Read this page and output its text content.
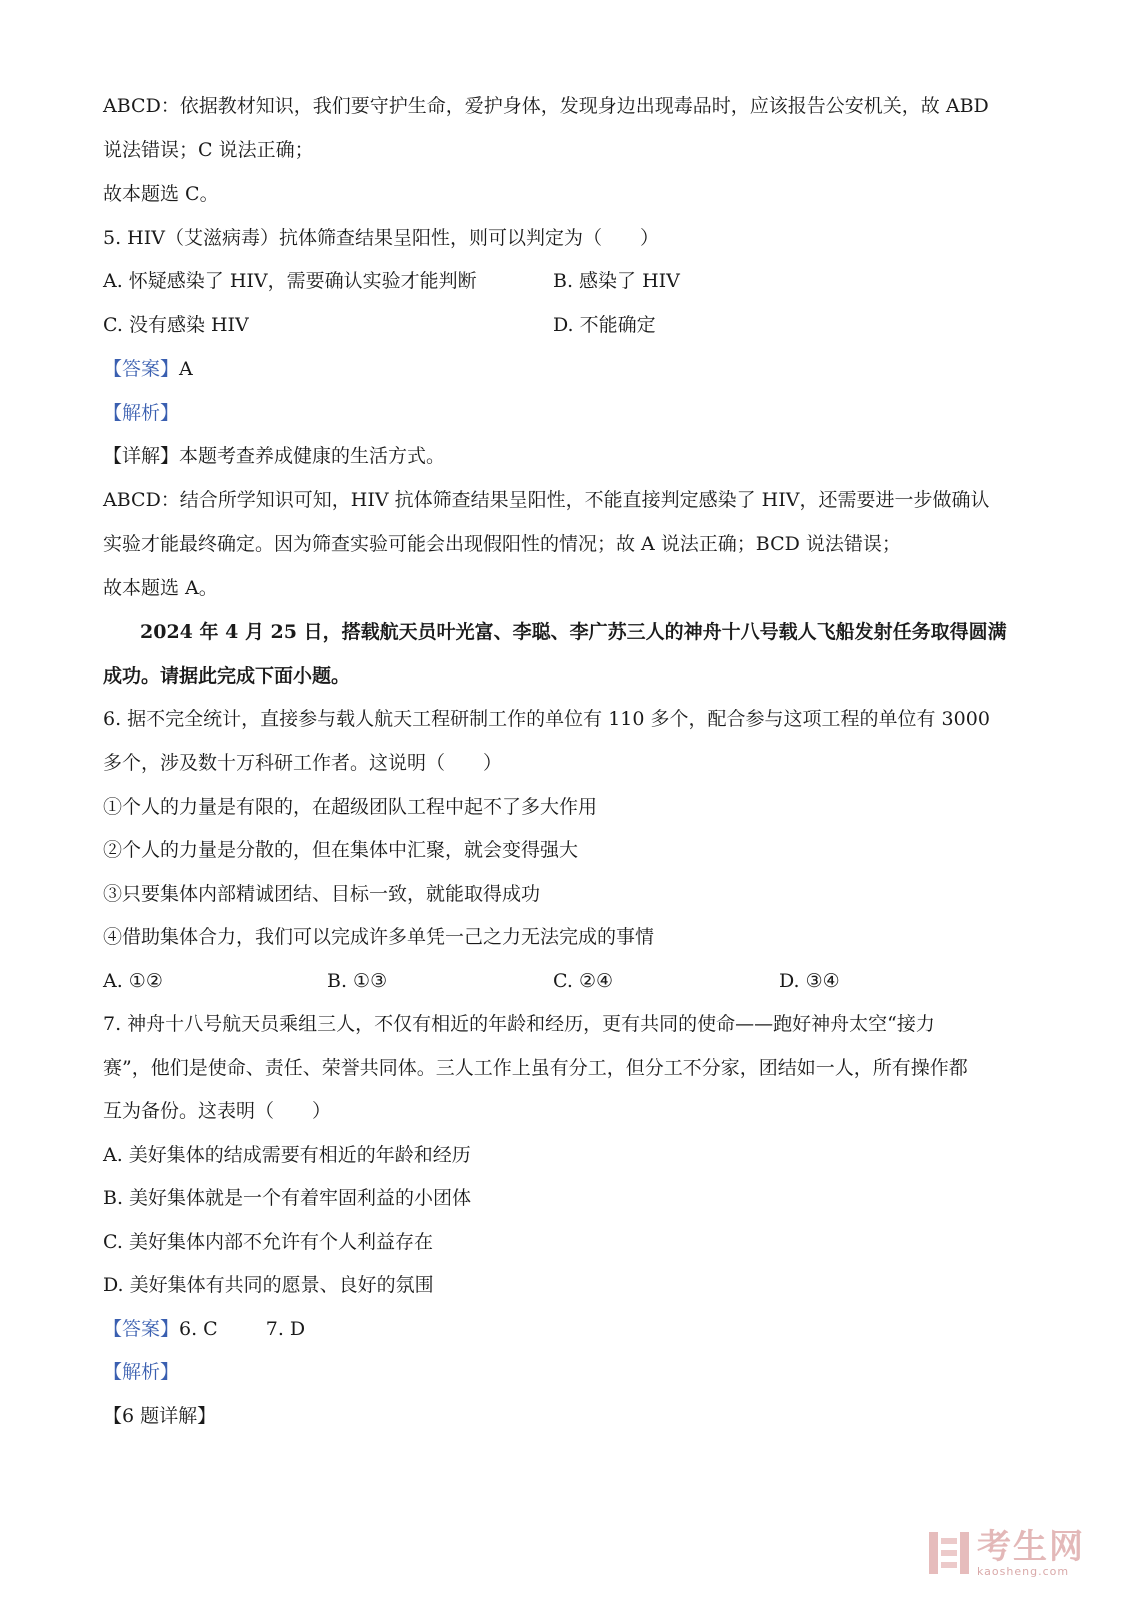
ABCD：依据教材知识，我们要守护生命，爱护身体，发现身边出现毒品时，应该报告公安机关，故 ABD
说法错误；C 说法正确；
故本题选 C。
5. HIV（艾滋病毒）抗体筛查结果呈阳性，则可以判定为（　　）
A. 怀疑感染了 HIV，需要确认实验才能判断	B. 感染了 HIV
C. 没有感染 HIV	D. 不能确定
【答案】A
【解析】
【详解】本题考查养成健康的生活方式。
ABCD：结合所学知识可知，HIV 抗体筛查结果呈阳性，不能直接判定感染了 HIV，还需要进一步做确认
实验才能最终确定。因为筛查实验可能会出现假阳性的情况；故 A 说法正确；BCD 说法错误；
故本题选 A。
2024 年 4 月 25 日，搭载航天员叶光富、李聪、李广苏三人的神舟十八号载人飞船发射任务取得圆满
成功。请据此完成下面小题。
6. 据不完全统计，直接参与载人航天工程研制工作的单位有 110 多个，配合参与这项工程的单位有 3000
多个，涉及数十万科研工作者。这说明（　　）
①个人的力量是有限的，在超级团队工程中起不了多大作用
②个人的力量是分散的，但在集体中汇聚，就会变得强大
③只要集体内部精诚团结、目标一致，就能取得成功
④借助集体合力，我们可以完成许多单凭一己之力无法完成的事情
A. ①②	B. ①③	C. ②④	D. ③④
7. 神舟十八号航天员乘组三人，不仅有相近的年龄和经历，更有共同的使命——跑好神舟太空“接力
赛”，他们是使命、责任、荣誉共同体。三人工作上虽有分工，但分工不分家，团结如一人，所有操作都
互为备份。这表明（　　）
A. 美好集体的结成需要有相近的年龄和经历
B. 美好集体就是一个有着牢固利益的小团体
C. 美好集体内部不允许有个人利益存在
D. 美好集体有共同的愿景、良好的氛围
【答案】6. C	7. D
【解析】
【6 题详解】
考生网
kaosheng.com
